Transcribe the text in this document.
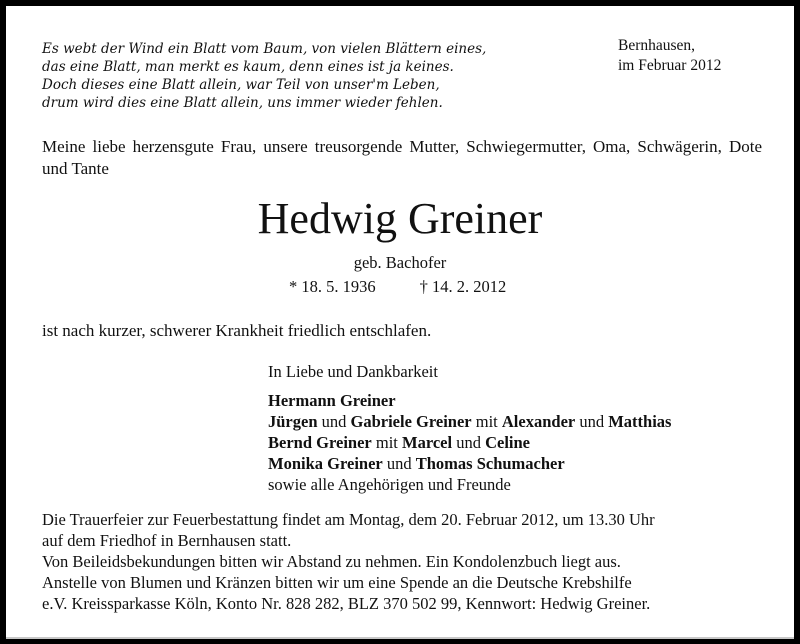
Es webt der Wind ein Blatt vom Baum, von vielen Blättern eines,
das eine Blatt, man merkt es kaum, denn eines ist ja keines.
Doch dieses eine Blatt allein, war Teil von unser'm Leben,
drum wird dies eine Blatt allein, uns immer wieder fehlen.
Bernhausen,
im Februar 2012
Meine liebe herzensgute Frau, unsere treusorgende Mutter, Schwiegermutter, Oma, Schwägerin, Dote und Tante
Hedwig Greiner
geb. Bachofer
* 18. 5. 1936	† 14. 2. 2012
ist nach kurzer, schwerer Krankheit friedlich entschlafen.
In Liebe und Dankbarkeit
Hermann Greiner
Jürgen und Gabriele Greiner mit Alexander und Matthias
Bernd Greiner mit Marcel und Celine
Monika Greiner und Thomas Schumacher
sowie alle Angehörigen und Freunde
Die Trauerfeier zur Feuerbestattung findet am Montag, dem 20. Februar 2012, um 13.30 Uhr
auf dem Friedhof in Bernhausen statt.
Von Beileidsbekundungen bitten wir Abstand zu nehmen. Ein Kondolenzbuch liegt aus.
Anstelle von Blumen und Kränzen bitten wir um eine Spende an die Deutsche Krebshilfe
e.V. Kreissparkasse Köln, Konto Nr. 828 282, BLZ 370 502 99, Kennwort: Hedwig Greiner.
